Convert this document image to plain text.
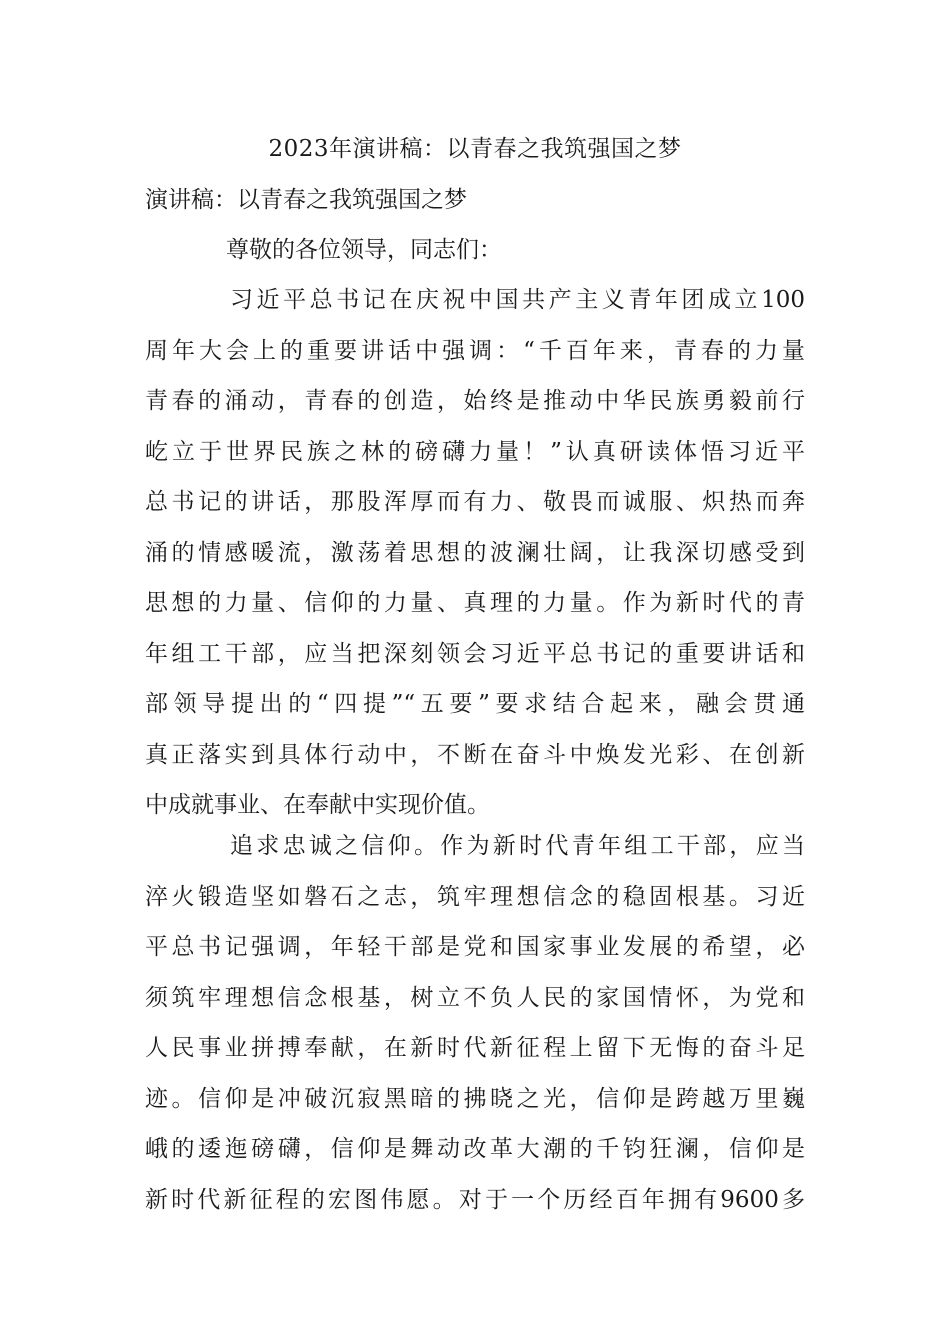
2023年演讲稿：以青春之我筑强国之梦

演讲稿：以青春之我筑强国之梦

尊敬的各位领导，同志们：

习近平总书记在庆祝中国共产主义青年团成立100
周年大会上的重要讲话中强调：“千百年来，青春的力量
青春的涌动，青春的创造，始终是推动中华民族勇毅前行
屹立于世界民族之林的磅礴力量！”认真研读体悟习近平
总书记的讲话，那股浑厚而有力、敬畏而诚服、炽热而奔
涌的情感暖流，激荡着思想的波澜壮阔，让我深切感受到
思想的力量、信仰的力量、真理的力量。作为新时代的青
年组工干部，应当把深刻领会习近平总书记的重要讲话和
部领导提出的“四提”“五要”要求结合起来，融会贯通
真正落实到具体行动中，不断在奋斗中焕发光彩、在创新
中成就事业、在奉献中实现价值。
追求忠诚之信仰。作为新时代青年组工干部，应当
淬火锻造坚如磐石之志，筑牢理想信念的稳固根基。习近
平总书记强调，年轻干部是党和国家事业发展的希望，必
须筑牢理想信念根基，树立不负人民的家国情怀，为党和
人民事业拼搏奉献，在新时代新征程上留下无悔的奋斗足
迹。信仰是冲破沉寂黑暗的拂晓之光，信仰是跨越万里巍
峨的逶迤磅礴，信仰是舞动改革大潮的千钧狂澜，信仰是
新时代新征程的宏图伟愿。对于一个历经百年拥有9600多
